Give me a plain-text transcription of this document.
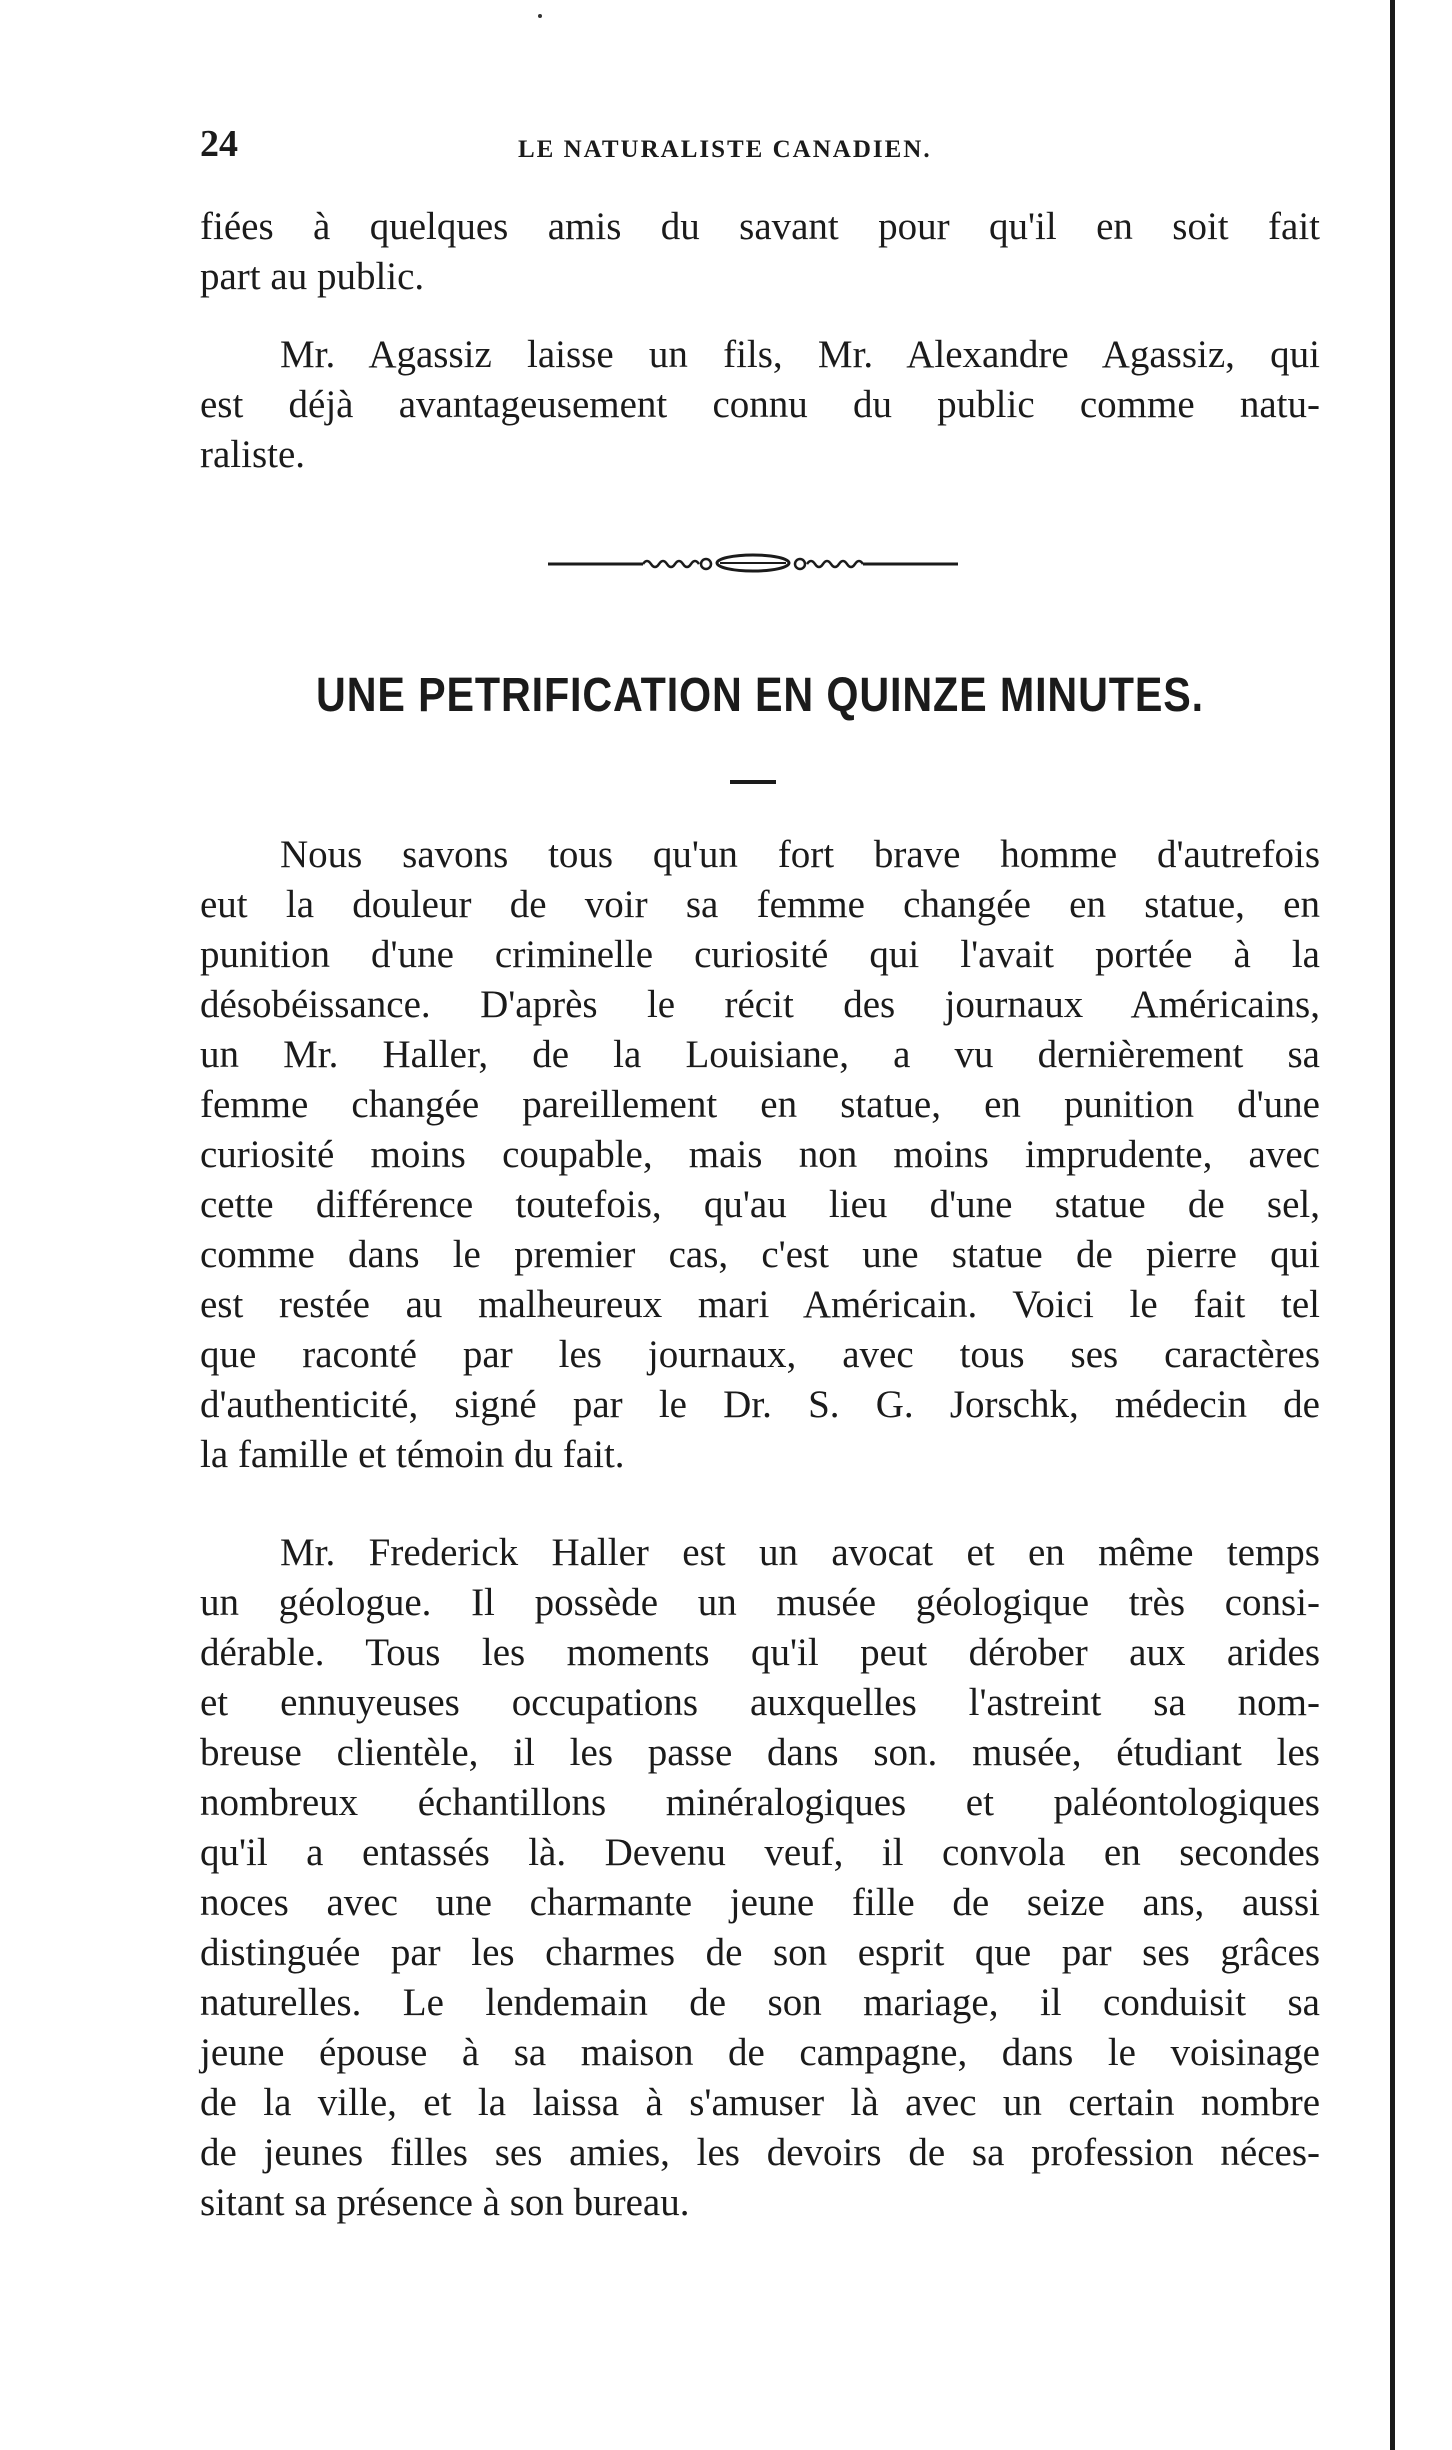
24	LE NATURALISTE CANADIEN.
fiées à quelques amis du savant pour qu'il en soit fait
part au public.
Mr. Agassiz laisse un fils, Mr. Alexandre Agassiz, qui
est déjà avantageusement connu du public comme natu-
raliste.
UNE PETRIFICATION EN QUINZE MINUTES.
Nous savons tous qu'un fort brave homme d'autrefois
eut la douleur de voir sa femme changée en statue, en
punition d'une criminelle curiosité qui l'avait portée à la
désobéissance. D'après le récit des journaux Américains,
un Mr. Haller, de la Louisiane, a vu dernièrement sa
femme changée pareillement en statue, en punition d'une
curiosité moins coupable, mais non moins imprudente, avec
cette différence toutefois, qu'au lieu d'une statue de sel,
comme dans le premier cas, c'est une statue de pierre qui
est restée au malheureux mari Américain. Voici le fait tel
que raconté par les journaux, avec tous ses caractères
d'authenticité, signé par le Dr. S. G. Jorschk, médecin de
la famille et témoin du fait.
Mr. Frederick Haller est un avocat et en même temps
un géologue. Il possède un musée géologique très consi-
dérable. Tous les moments qu'il peut dérober aux arides
et ennuyeuses occupations auxquelles l'astreint sa nom-
breuse clientèle, il les passe dans son. musée, étudiant les
nombreux échantillons minéralogiques et paléontologiques
qu'il a entassés là. Devenu veuf, il convola en secondes
noces avec une charmante jeune fille de seize ans, aussi
distinguée par les charmes de son esprit que par ses grâces
naturelles. Le lendemain de son mariage, il conduisit sa
jeune épouse à sa maison de campagne, dans le voisinage
de la ville, et la laissa à s'amuser là avec un certain nombre
de jeunes filles ses amies, les devoirs de sa profession néces-
sitant sa présence à son bureau.
